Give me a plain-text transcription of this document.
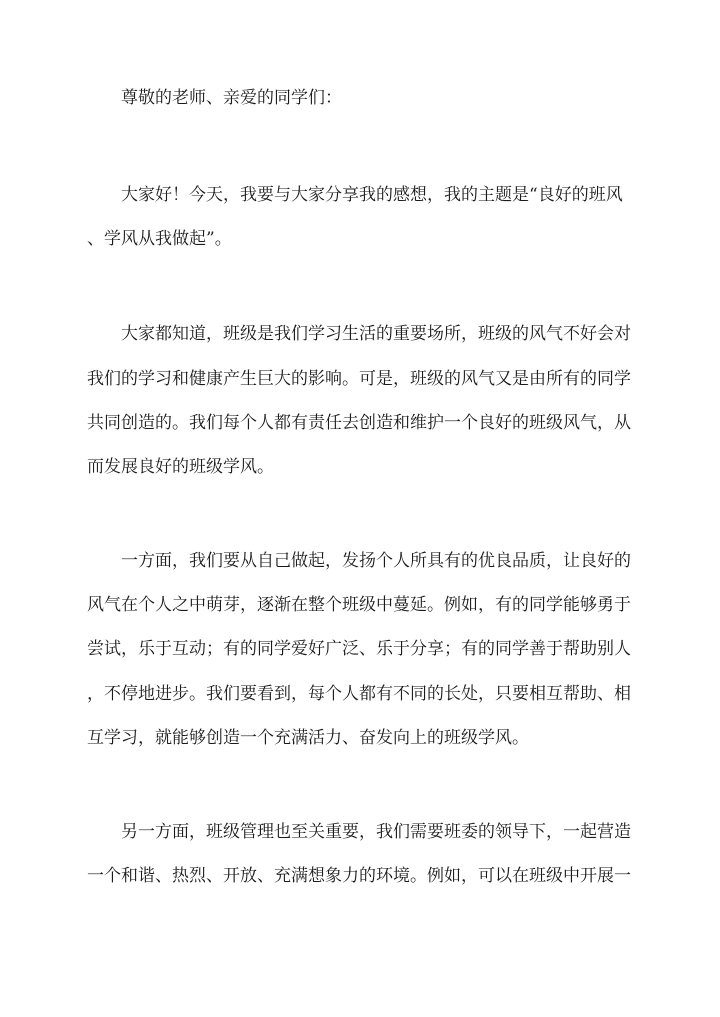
尊敬的老师、亲爱的同学们：
大家好！今天，我要与大家分享我的感想，我的主题是“良好的班风
、学风从我做起”。
大家都知道，班级是我们学习生活的重要场所，班级的风气不好会对
我们的学习和健康产生巨大的影响。可是，班级的风气又是由所有的同学
共同创造的。我们每个人都有责任去创造和维护一个良好的班级风气，从
而发展良好的班级学风。
一方面，我们要从自己做起，发扬个人所具有的优良品质，让良好的
风气在个人之中萌芽，逐渐在整个班级中蔓延。例如，有的同学能够勇于
尝试，乐于互动；有的同学爱好广泛、乐于分享；有的同学善于帮助别人
，不停地进步。我们要看到，每个人都有不同的长处，只要相互帮助、相
互学习，就能够创造一个充满活力、奋发向上的班级学风。
另一方面，班级管理也至关重要，我们需要班委的领导下，一起营造
一个和谐、热烈、开放、充满想象力的环境。例如，可以在班级中开展一
